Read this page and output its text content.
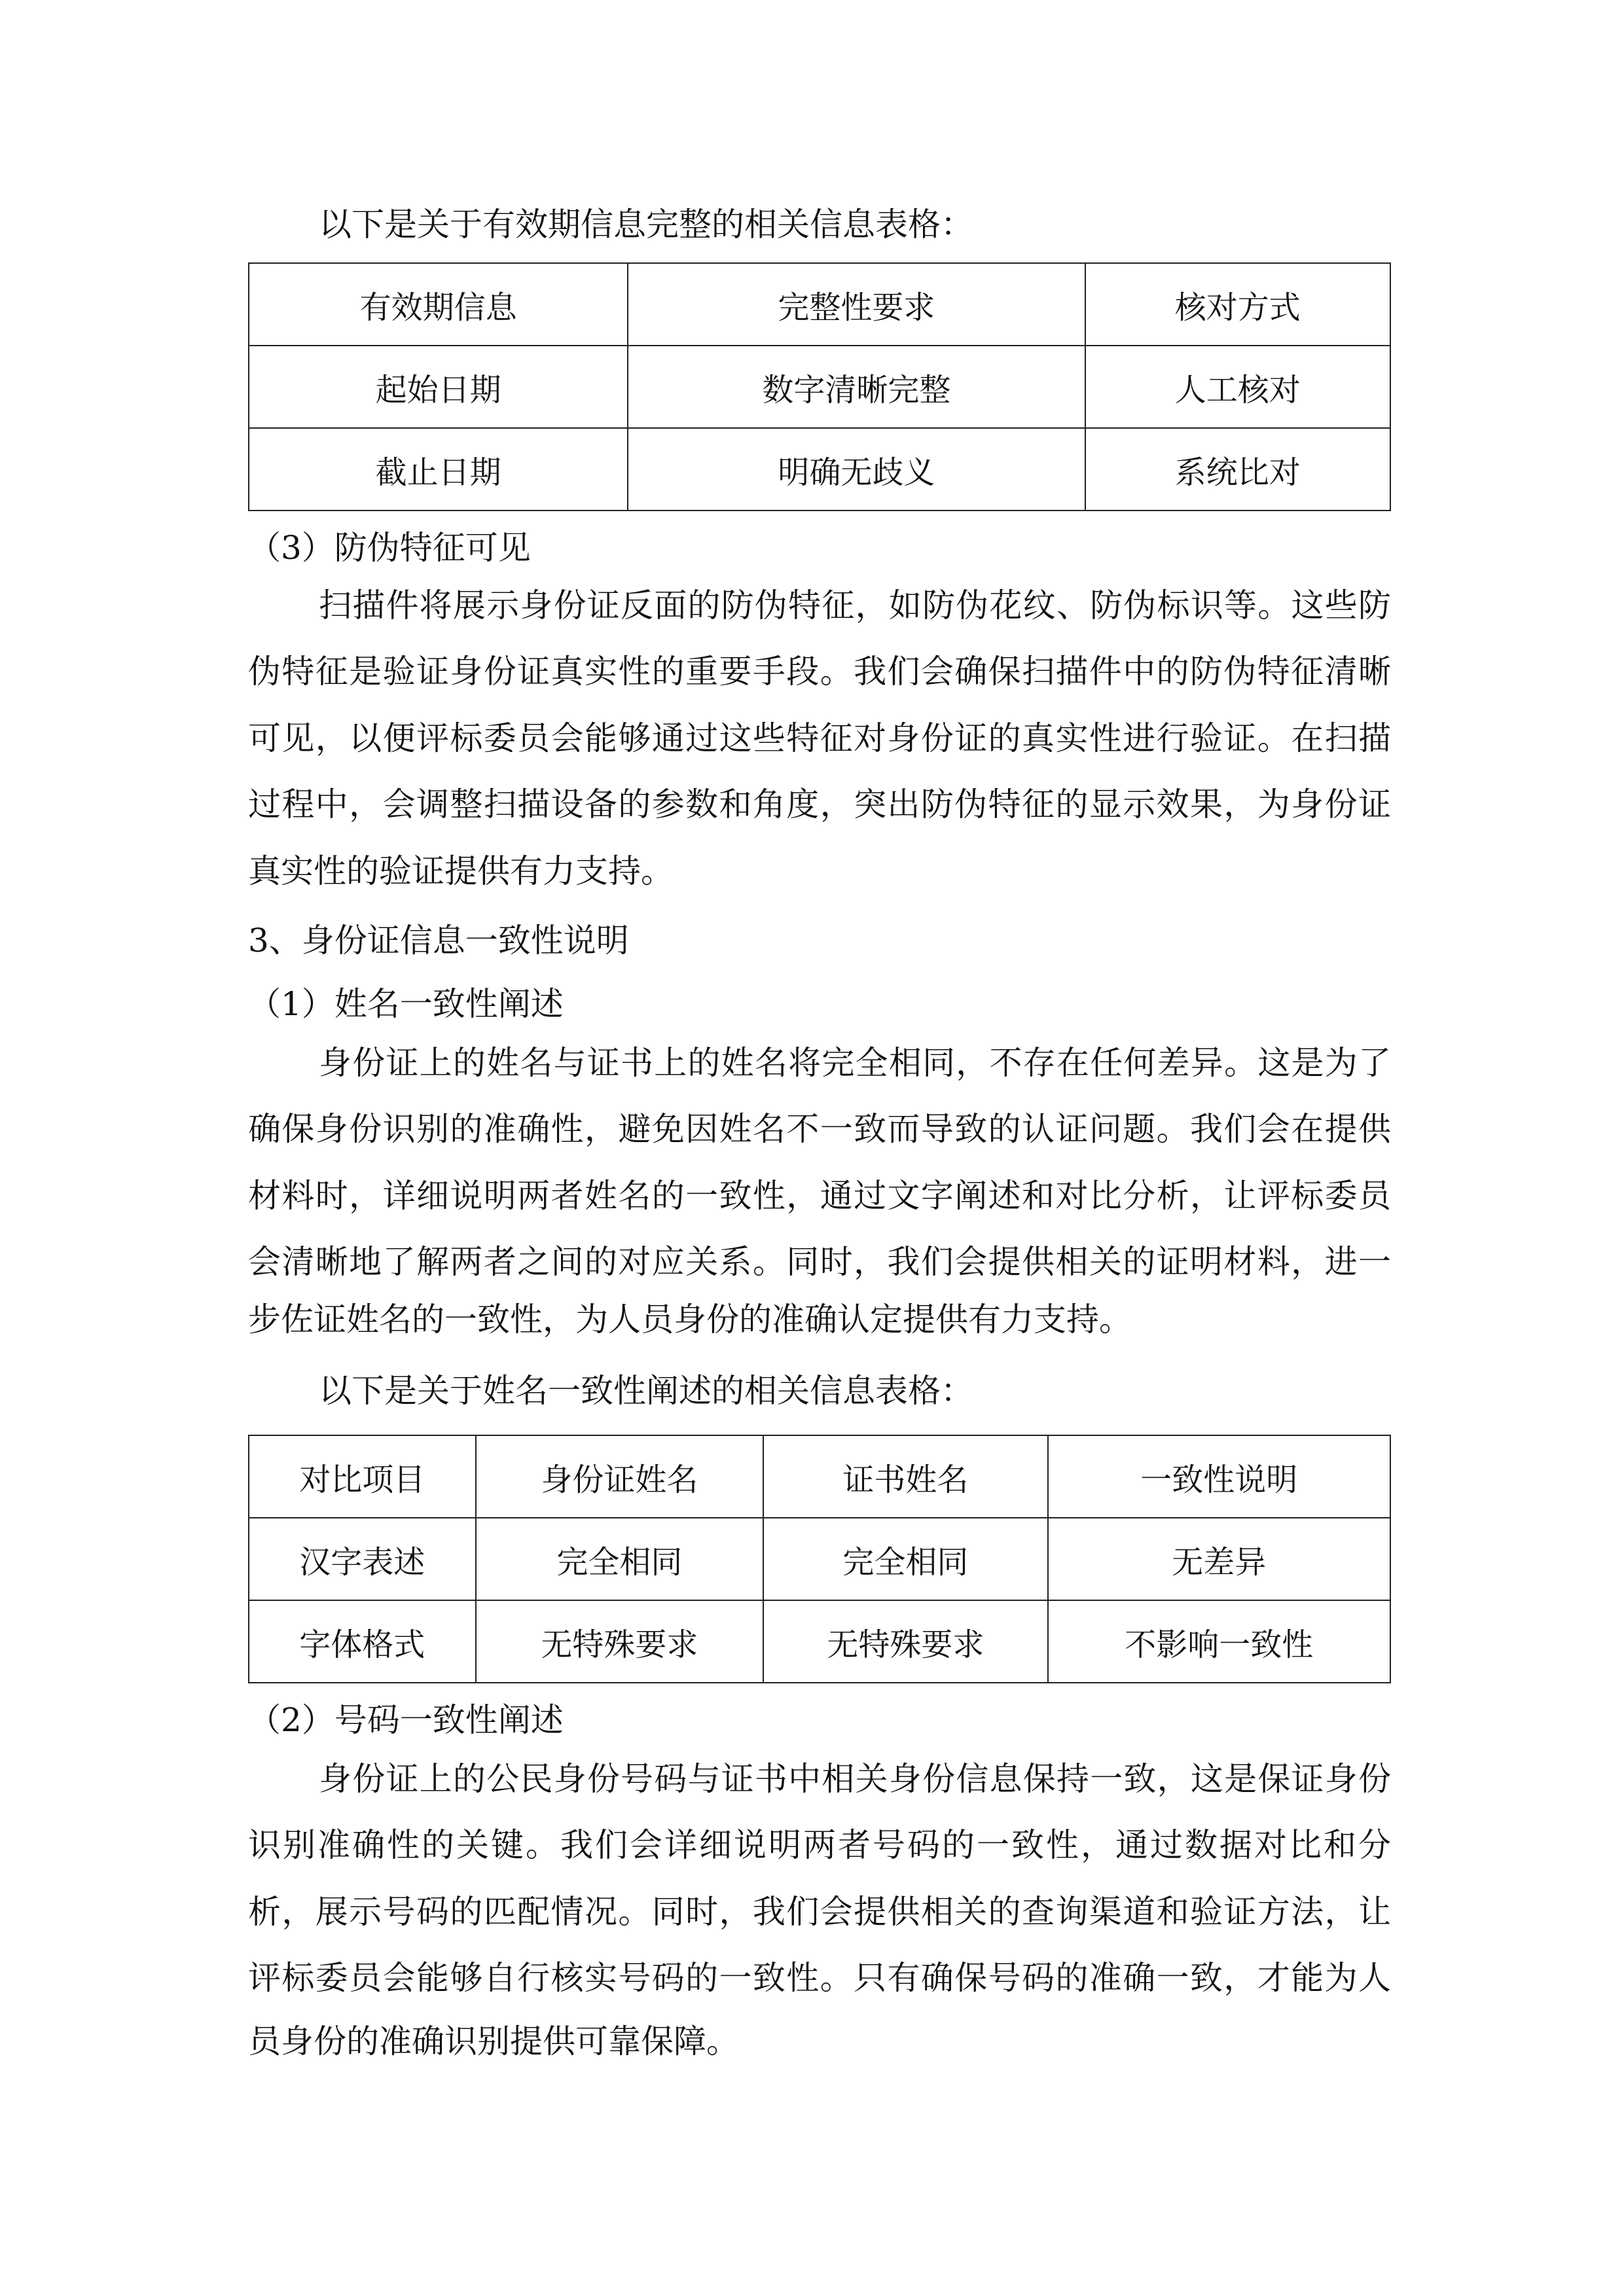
以下是关于有效期信息完整的相关信息表格：
有效期信息	完整性要求	核对方式
起始日期	数字清晰完整	人工核对
截止日期	明确无歧义	系统比对
（3）防伪特征可见
扫描件将展示身份证反面的防伪特征，如防伪花纹、防伪标识等。这些防
伪特征是验证身份证真实性的重要手段。我们会确保扫描件中的防伪特征清晰
可见，以便评标委员会能够通过这些特征对身份证的真实性进行验证。在扫描
过程中，会调整扫描设备的参数和角度，突出防伪特征的显示效果，为身份证
真实性的验证提供有力支持。
3、身份证信息一致性说明
（1）姓名一致性阐述
身份证上的姓名与证书上的姓名将完全相同，不存在任何差异。这是为了
确保身份识别的准确性，避免因姓名不一致而导致的认证问题。我们会在提供
材料时，详细说明两者姓名的一致性，通过文字阐述和对比分析，让评标委员
会清晰地了解两者之间的对应关系。同时，我们会提供相关的证明材料，进一
步佐证姓名的一致性，为人员身份的准确认定提供有力支持。
以下是关于姓名一致性阐述的相关信息表格：
对比项目	身份证姓名	证书姓名	一致性说明
汉字表述	完全相同	完全相同	无差异
字体格式	无特殊要求	无特殊要求	不影响一致性
（2）号码一致性阐述
身份证上的公民身份号码与证书中相关身份信息保持一致，这是保证身份
识别准确性的关键。我们会详细说明两者号码的一致性，通过数据对比和分
析，展示号码的匹配情况。同时，我们会提供相关的查询渠道和验证方法，让
评标委员会能够自行核实号码的一致性。只有确保号码的准确一致，才能为人
员身份的准确识别提供可靠保障。
